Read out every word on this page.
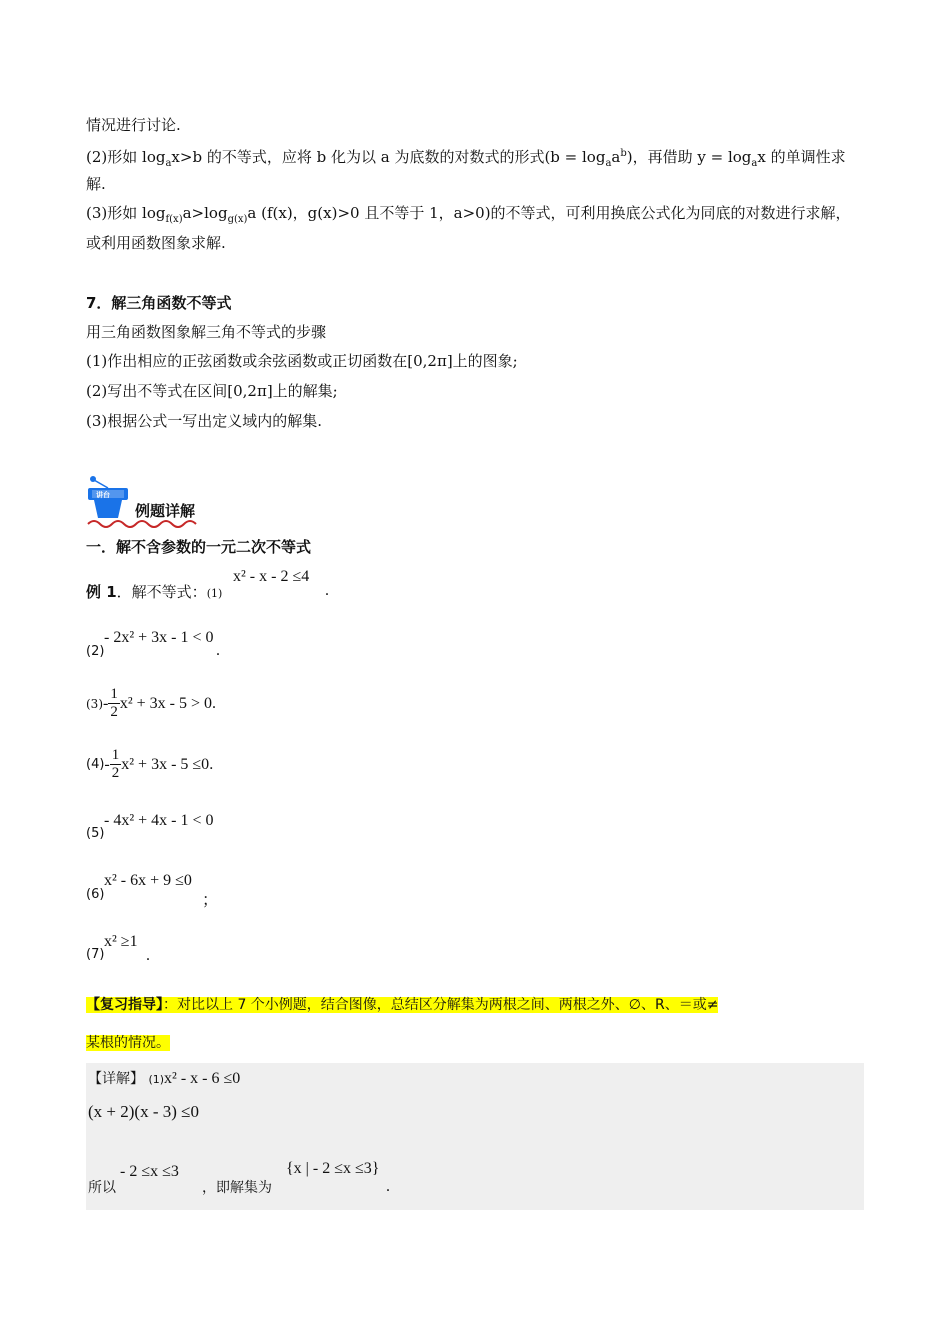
情况进行讨论.
(2)形如 $\log_ax>b$ 的不等式，应将 b 化为以 a 为底数的对数式的形式$(b = \log_aa^b)$，再借助 $y = \log_ax$ 的单调性求
解.
(3)形如 $\log_{f(x)}a>\log_{g(x)}a$ (f(x)，g(x)>0 且不等于 1，a>0)的不等式，可利用换底公式化为同底的对数进行求解，
或利用函数图象求解.
7．解三角函数不等式
用三角函数图象解三角不等式的步骤
(1)作出相应的正弦函数或余弦函数或正切函数在[0,2π]上的图象;
(2)写出不等式在区间[0,2π]上的解集;
(3)根据公式一写出定义域内的解集.
讲台
例题详解
一．解不含参数的一元二次不等式
例 1．解不等式：(1)
x² - x - 2 ≤4
.
(2)
- 2x² + 3x - 1 < 0
.
$(3) - \frac{1}{2} x^2 + 3x - 5 > 0$ .
$(4) - \frac{1}{2} x^2 + 3x - 5 \le 0$ .
- 4x² + 4x - 1 < 0
(5)
x² - 6x + 9 ≤0
(6)	；
x² ≥1
(7)	.
【复习指导】：对比以上 7 个小例题，结合图像，总结区分解集为两根之间、两根之外、∅、R、＝或≠
某根的情况。
【详解】 (1)x² - x - 6 ≤0
(x + 2)(x - 3) ≤0
所以
- 2 ≤x ≤3
，即解集为
{x | - 2 ≤x ≤3}
.
